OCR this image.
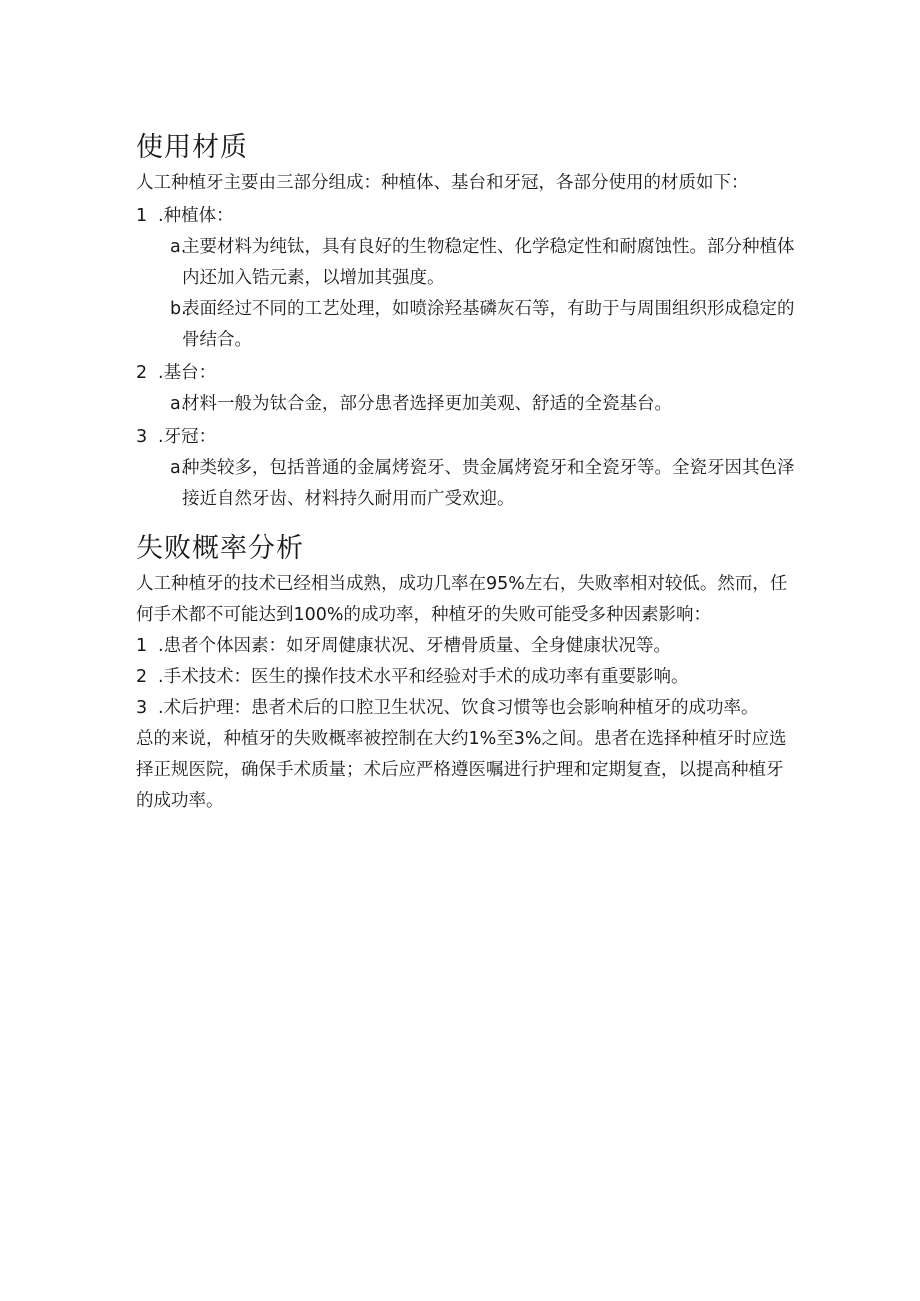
使用材质

人工种植牙主要由三部分组成：种植体、基台和牙冠，各部分使用的材质如下：

1 .种植体：
a.
主要材料为纯钛，具有良好的生物稳定性、化学稳定性和耐腐蚀性。部分种植体内还加入锆元素，以增加其强度。
b.
表面经过不同的工艺处理，如喷涂羟基磷灰石等，有助于与周围组织形成稳定的骨结合。
2 .基台：
a.
材料一般为钛合金，部分患者选择更加美观、舒适的全瓷基台。
3 .牙冠：
a.
种类较多，包括普通的金属烤瓷牙、贵金属烤瓷牙和全瓷牙等。全瓷牙因其色泽接近自然牙齿、材料持久耐用而广受欢迎。
失败概率分析

人工种植牙的技术已经相当成熟，成功几率在95%左右，失败率相对较低。然而，任何手术都不可能达到100%的成功率，种植牙的失败可能受多种因素影响：

1 .患者个体因素：如牙周健康状况、牙槽骨质量、全身健康状况等。
2 .手术技术：医生的操作技术水平和经验对手术的成功率有重要影响。
3 .术后护理：患者术后的口腔卫生状况、饮食习惯等也会影响种植牙的成功率。

总的来说，种植牙的失败概率被控制在大约1%至3%之间。患者在选择种植牙时应选择正规医院，确保手术质量；术后应严格遵医嘱进行护理和定期复查，以提高种植牙的成功率。
